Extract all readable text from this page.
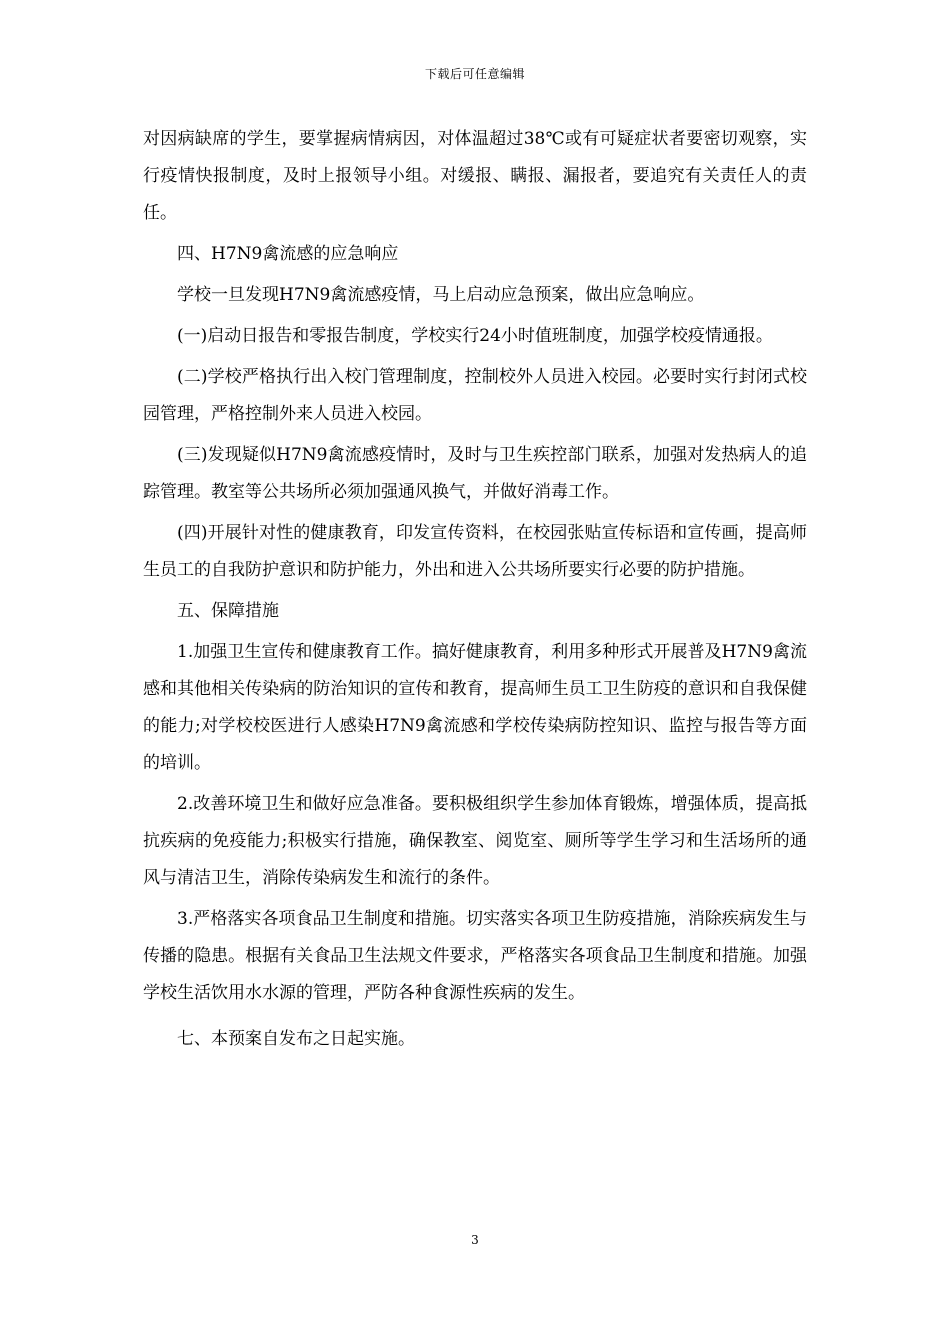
下载后可任意编辑

对因病缺席的学生，要掌握病情病因，对体温超过38℃或有可疑症状者要密切观察，实行疫情快报制度，及时上报领导小组。对缓报、瞒报、漏报者，要追究有关责任人的责任。

四、H7N9禽流感的应急响应

学校一旦发现H7N9禽流感疫情，马上启动应急预案，做出应急响应。

(一)启动日报告和零报告制度，学校实行24小时值班制度，加强学校疫情通报。

(二)学校严格执行出入校门管理制度，控制校外人员进入校园。必要时实行封闭式校园管理，严格控制外来人员进入校园。

(三)发现疑似H7N9禽流感疫情时，及时与卫生疾控部门联系，加强对发热病人的追踪管理。教室等公共场所必须加强通风换气，并做好消毒工作。

(四)开展针对性的健康教育，印发宣传资料，在校园张贴宣传标语和宣传画，提高师生员工的自我防护意识和防护能力，外出和进入公共场所要实行必要的防护措施。

五、保障措施

1.加强卫生宣传和健康教育工作。搞好健康教育，利用多种形式开展普及H7N9禽流感和其他相关传染病的防治知识的宣传和教育，提高师生员工卫生防疫的意识和自我保健的能力;对学校校医进行人感染H7N9禽流感和学校传染病防控知识、监控与报告等方面的培训。

2.改善环境卫生和做好应急准备。要积极组织学生参加体育锻炼，增强体质，提高抵抗疾病的免疫能力;积极实行措施，确保教室、阅览室、厕所等学生学习和生活场所的通风与清洁卫生，消除传染病发生和流行的条件。

3.严格落实各项食品卫生制度和措施。切实落实各项卫生防疫措施，消除疾病发生与传播的隐患。根据有关食品卫生法规文件要求，严格落实各项食品卫生制度和措施。加强学校生活饮用水水源的管理，严防各种食源性疾病的发生。

七、本预案自发布之日起实施。

3
